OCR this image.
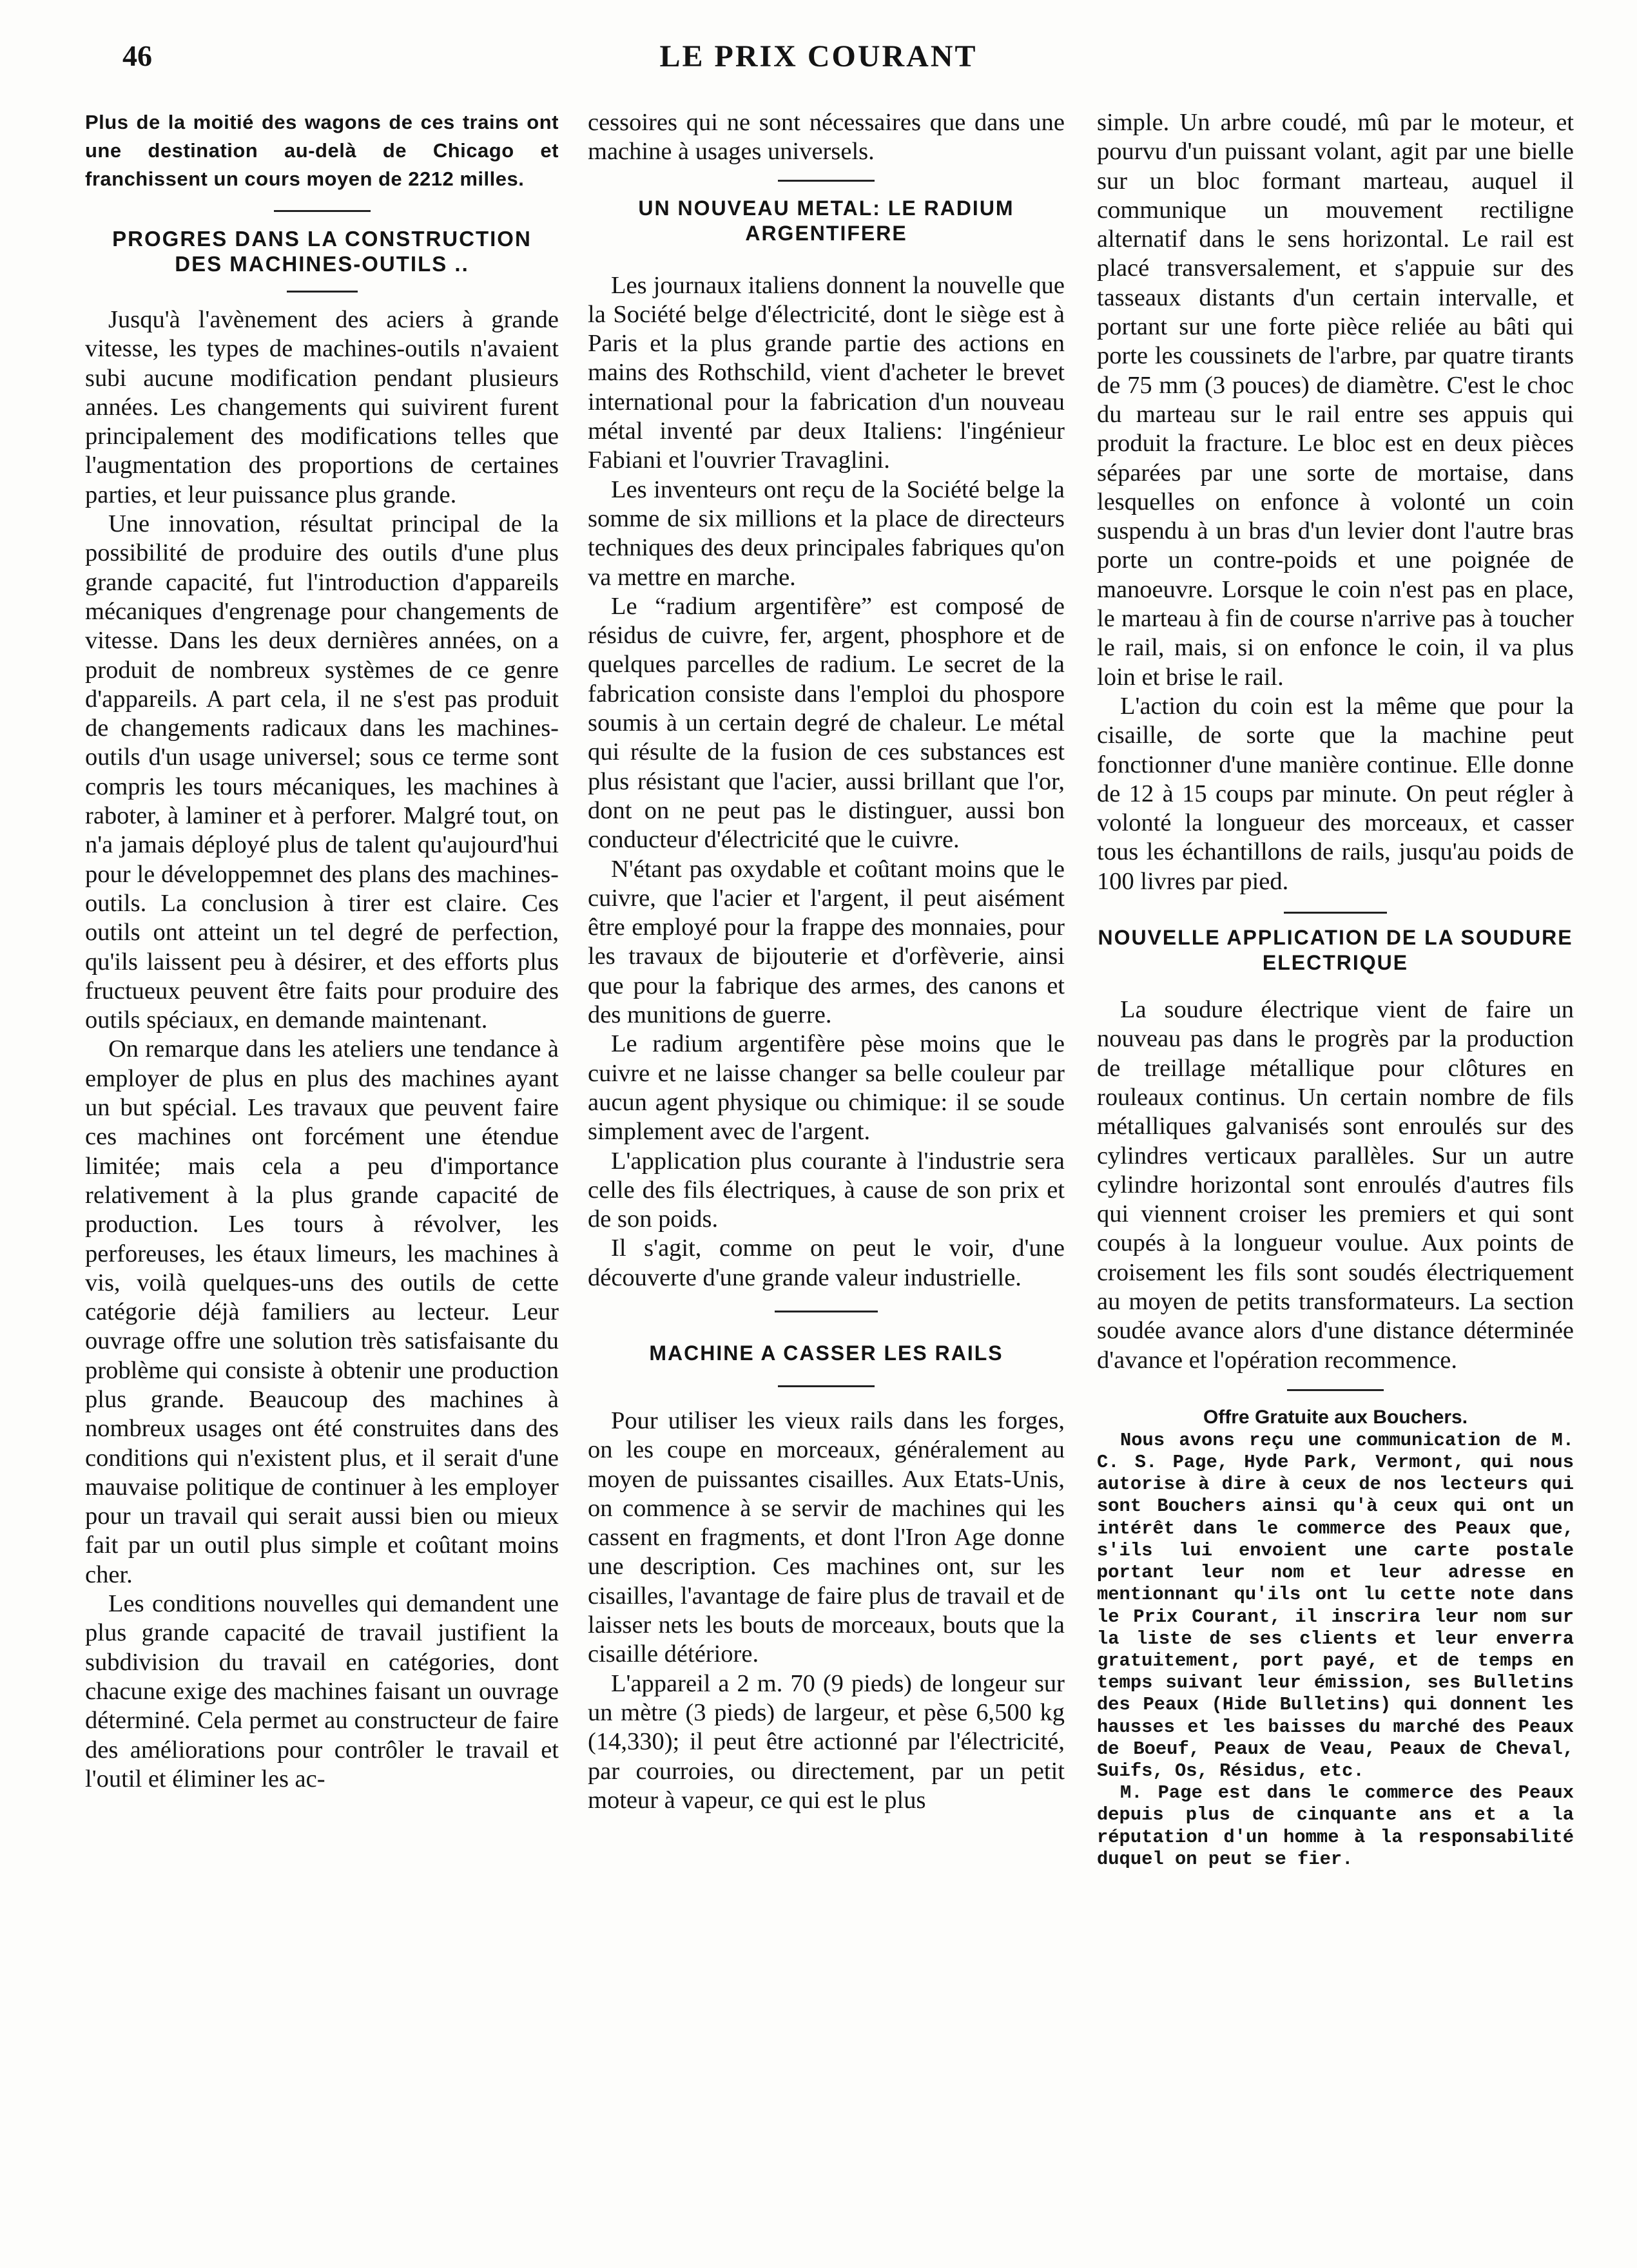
46	LE PRIX COURANT

Plus de la moitié des wagons de ces trains ont une destination au-delà de Chicago et franchissent un cours moyen de 2212 milles.

PROGRES DANS LA CONSTRUCTION DES MACHINES-OUTILS ..

Jusqu'à l'avènement des aciers à grande vitesse, les types de machines-outils n'avaient subi aucune modification pendant plusieurs années. Les changements qui suivirent furent principalement des modifications telles que l'augmentation des proportions de certaines parties, et leur puissance plus grande.

Une innovation, résultat principal de la possibilité de produire des outils d'une plus grande capacité, fut l'introduction d'appareils mécaniques d'engrenage pour changements de vitesse. Dans les deux dernières années, on a produit de nombreux systèmes de ce genre d'appareils. A part cela, il ne s'est pas produit de changements radicaux dans les machines-outils d'un usage universel; sous ce terme sont compris les tours mécaniques, les machines à raboter, à laminer et à perforer. Malgré tout, on n'a jamais déployé plus de talent qu'aujourd'hui pour le développemnet des plans des machines-outils. La conclusion à tirer est claire. Ces outils ont atteint un tel degré de perfection, qu'ils laissent peu à désirer, et des efforts plus fructueux peuvent être faits pour produire des outils spéciaux, en demande maintenant.

On remarque dans les ateliers une tendance à employer de plus en plus des machines ayant un but spécial. Les travaux que peuvent faire ces machines ont forcément une étendue limitée; mais cela a peu d'importance relativement à la plus grande capacité de production. Les tours à révolver, les perforeuses, les étaux limeurs, les machines à vis, voilà quelques-uns des outils de cette catégorie déjà familiers au lecteur. Leur ouvrage offre une solution très satisfaisante du problème qui consiste à obtenir une production plus grande. Beaucoup des machines à nombreux usages ont été construites dans des conditions qui n'existent plus, et il serait d'une mauvaise politique de continuer à les employer pour un travail qui serait aussi bien ou mieux fait par un outil plus simple et coûtant moins cher.

Les conditions nouvelles qui demandent une plus grande capacité de travail justifient la subdivision du travail en catégories, dont chacune exige des machines faisant un ouvrage déterminé. Cela permet au constructeur de faire des améliorations pour contrôler le travail et l'outil et éliminer les ac-

cessoires qui ne sont nécessaires que dans une machine à usages universels.

UN NOUVEAU METAL: LE RADIUM ARGENTIFERE

Les journaux italiens donnent la nouvelle que la Société belge d'électricité, dont le siège est à Paris et la plus grande partie des actions en mains des Rothschild, vient d'acheter le brevet international pour la fabrication d'un nouveau métal inventé par deux Italiens: l'ingénieur Fabiani et l'ouvrier Travaglini.

Les inventeurs ont reçu de la Société belge la somme de six millions et la place de directeurs techniques des deux principales fabriques qu'on va mettre en marche.

Le “radium argentifère” est composé de résidus de cuivre, fer, argent, phosphore et de quelques parcelles de radium. Le secret de la fabrication consiste dans l'emploi du phospore soumis à un certain degré de chaleur. Le métal qui résulte de la fusion de ces substances est plus résistant que l'acier, aussi brillant que l'or, dont on ne peut pas le distinguer, aussi bon conducteur d'électricité que le cuivre.

N'étant pas oxydable et coûtant moins que le cuivre, que l'acier et l'argent, il peut aisément être employé pour la frappe des monnaies, pour les travaux de bijouterie et d'orfèverie, ainsi que pour la fabrique des armes, des canons et des munitions de guerre.

Le radium argentifère pèse moins que le cuivre et ne laisse changer sa belle couleur par aucun agent physique ou chimique: il se soude simplement avec de l'argent.

L'application plus courante à l'industrie sera celle des fils électriques, à cause de son prix et de son poids.

Il s'agit, comme on peut le voir, d'une découverte d'une grande valeur industrielle.

MACHINE A CASSER LES RAILS

Pour utiliser les vieux rails dans les forges, on les coupe en morceaux, généralement au moyen de puissantes cisailles. Aux Etats-Unis, on commence à se servir de machines qui les cassent en fragments, et dont l'Iron Age donne une description. Ces machines ont, sur les cisailles, l'avantage de faire plus de travail et de laisser nets les bouts de morceaux, bouts que la cisaille détériore.

L'appareil a 2 m. 70 (9 pieds) de longeur sur un mètre (3 pieds) de largeur, et pèse 6,500 kg (14,330); il peut être actionné par l'électricité, par courroies, ou directement, par un petit moteur à vapeur, ce qui est le plus

simple. Un arbre coudé, mû par le moteur, et pourvu d'un puissant volant, agit par une bielle sur un bloc formant marteau, auquel il communique un mouvement rectiligne alternatif dans le sens horizontal. Le rail est placé transversalement, et s'appuie sur des tasseaux distants d'un certain intervalle, et portant sur une forte pièce reliée au bâti qui porte les coussinets de l'arbre, par quatre tirants de 75 mm (3 pouces) de diamètre. C'est le choc du marteau sur le rail entre ses appuis qui produit la fracture. Le bloc est en deux pièces séparées par une sorte de mortaise, dans lesquelles on enfonce à volonté un coin suspendu à un bras d'un levier dont l'autre bras porte un contre-poids et une poignée de manoeuvre. Lorsque le coin n'est pas en place, le marteau à fin de course n'arrive pas à toucher le rail, mais, si on enfonce le coin, il va plus loin et brise le rail.

L'action du coin est la même que pour la cisaille, de sorte que la machine peut fonctionner d'une manière continue. Elle donne de 12 à 15 coups par minute. On peut régler à volonté la longueur des morceaux, et casser tous les échantillons de rails, jusqu'au poids de 100 livres par pied.

NOUVELLE APPLICATION DE LA SOUDURE ELECTRIQUE

La soudure électrique vient de faire un nouveau pas dans le progrès par la production de treillage métallique pour clôtures en rouleaux continus. Un certain nombre de fils métalliques galvanisés sont enroulés sur des cylindres verticaux parallèles. Sur un autre cylindre horizontal sont enroulés d'autres fils qui viennent croiser les premiers et qui sont coupés à la longueur voulue. Aux points de croisement les fils sont soudés électriquement au moyen de petits transformateurs. La section soudée avance alors d'une distance déterminée d'avance et l'opération recommence.

Offre Gratuite aux Bouchers.

Nous avons reçu une communication de M. C. S. Page, Hyde Park, Vermont, qui nous autorise à dire à ceux de nos lecteurs qui sont Bouchers ainsi qu'à ceux qui ont un intérêt dans le commerce des Peaux que, s'ils lui envoient une carte postale portant leur nom et leur adresse en mentionnant qu'ils ont lu cette note dans le Prix Courant, il inscrira leur nom sur la liste de ses clients et leur enverra gratuitement, port payé, et de temps en temps suivant leur émission, ses Bulletins des Peaux (Hide Bulletins) qui donnent les hausses et les baisses du marché des Peaux de Boeuf, Peaux de Veau, Peaux de Cheval, Suifs, Os, Résidus, etc.

M. Page est dans le commerce des Peaux depuis plus de cinquante ans et a la réputation d'un homme à la responsabilité duquel on peut se fier.
